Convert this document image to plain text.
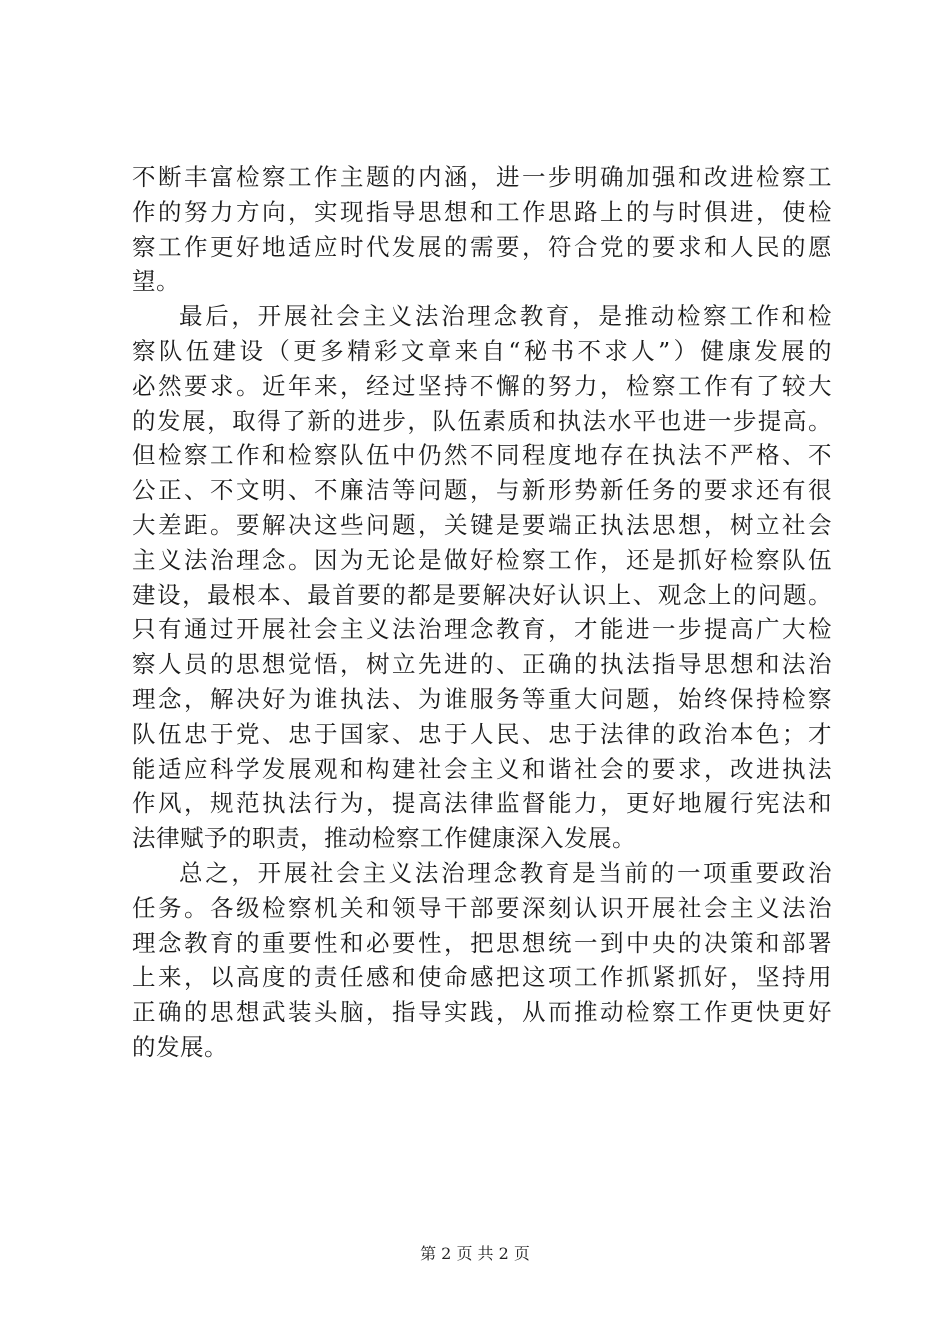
不断丰富检察工作主题的内涵，进一步明确加强和改进检察工
作的努力方向，实现指导思想和工作思路上的与时俱进，使检
察工作更好地适应时代发展的需要，符合党的要求和人民的愿
望。
最后，开展社会主义法治理念教育，是推动检察工作和检
察队伍建设（更多精彩文章来自“秘书不求人”）健康发展的
必然要求。近年来，经过坚持不懈的努力，检察工作有了较大
的发展，取得了新的进步，队伍素质和执法水平也进一步提高。
但检察工作和检察队伍中仍然不同程度地存在执法不严格、不
公正、不文明、不廉洁等问题，与新形势新任务的要求还有很
大差距。要解决这些问题，关键是要端正执法思想，树立社会
主义法治理念。因为无论是做好检察工作，还是抓好检察队伍
建设，最根本、最首要的都是要解决好认识上、观念上的问题。
只有通过开展社会主义法治理念教育，才能进一步提高广大检
察人员的思想觉悟，树立先进的、正确的执法指导思想和法治
理念，解决好为谁执法、为谁服务等重大问题，始终保持检察
队伍忠于党、忠于国家、忠于人民、忠于法律的政治本色；才
能适应科学发展观和构建社会主义和谐社会的要求，改进执法
作风，规范执法行为，提高法律监督能力，更好地履行宪法和
法律赋予的职责，推动检察工作健康深入发展。
总之，开展社会主义法治理念教育是当前的一项重要政治
任务。各级检察机关和领导干部要深刻认识开展社会主义法治
理念教育的重要性和必要性，把思想统一到中央的决策和部署
上来，以高度的责任感和使命感把这项工作抓紧抓好，坚持用
正确的思想武装头脑，指导实践，从而推动检察工作更快更好
的发展。
第 2 页 共 2 页
